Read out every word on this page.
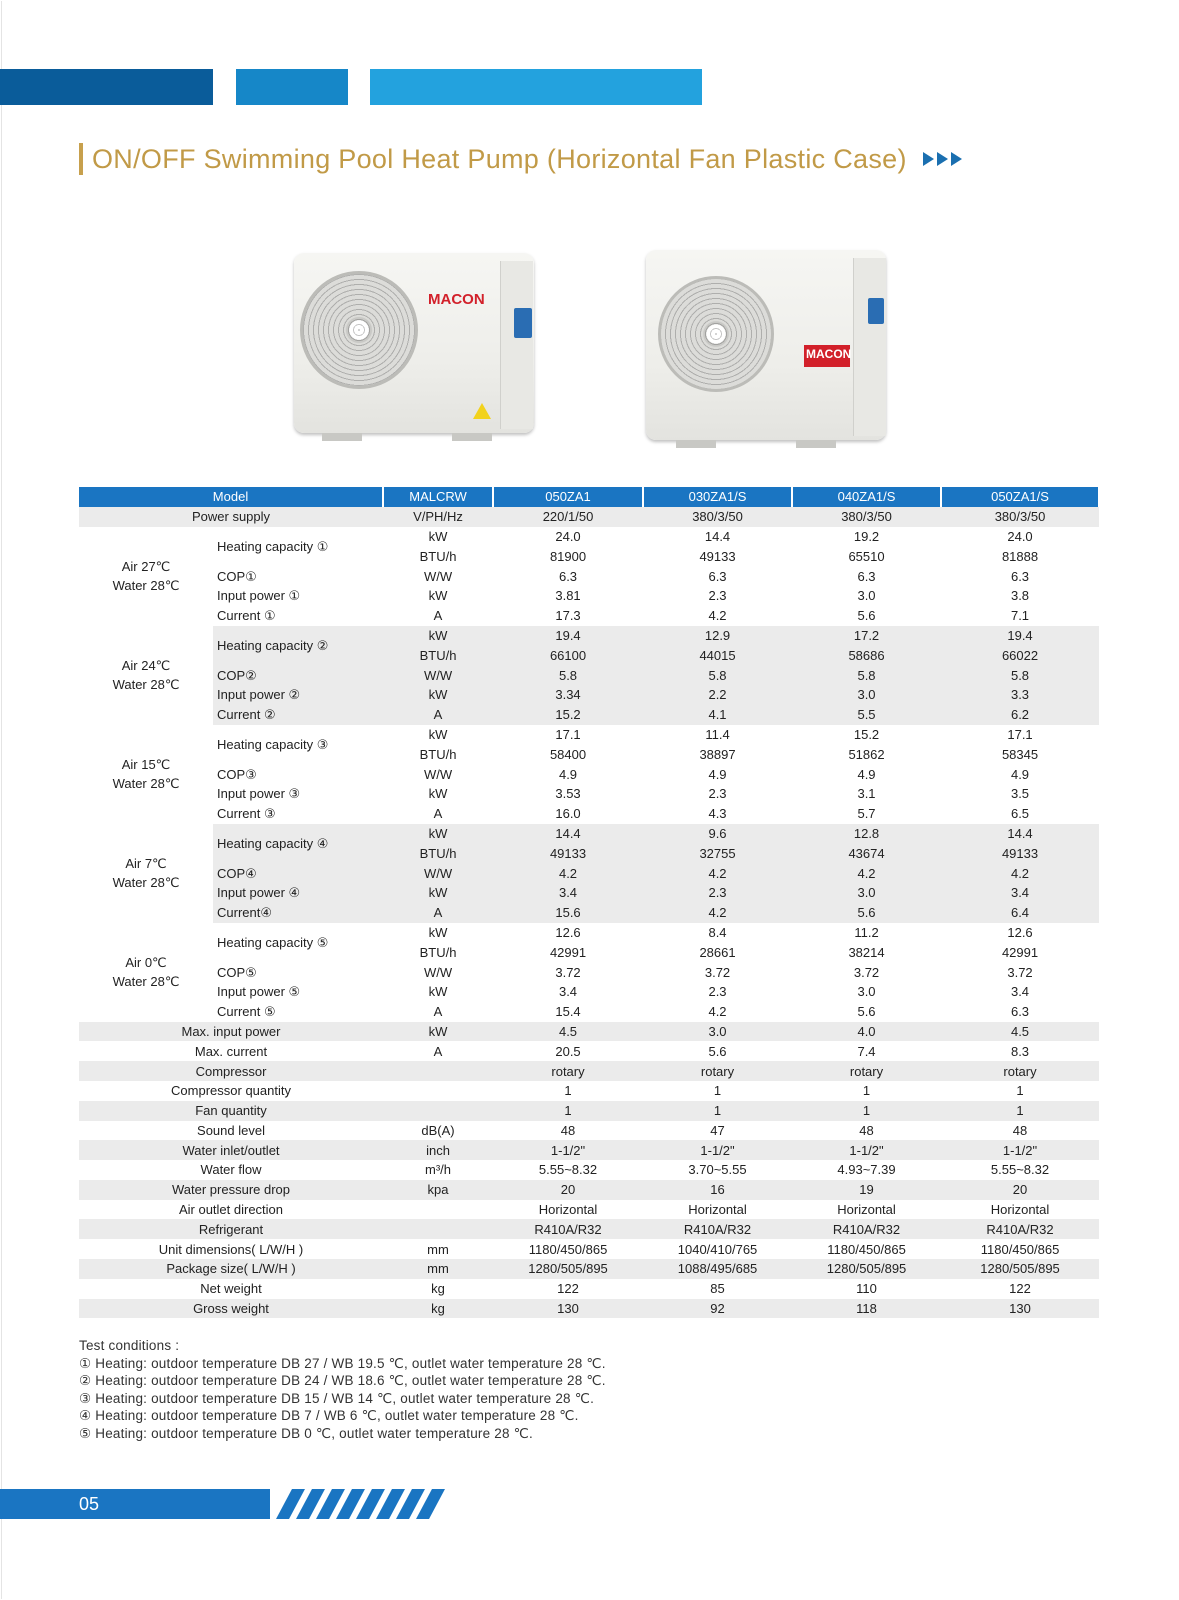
ON/OFF Swimming Pool Heat Pump (Horizontal Fan Plastic Case)
MACON
MACON
Model		MALCRW	050ZA1	030ZA1/S	040ZA1/S	050ZA1/S
Power supply		V/PH/Hz	220/1/50	380/3/50	380/3/50	380/3/50

Air 27℃
Water 28℃	Heating capacity ①	kW	24.0	14.4	19.2	24.0
		BTU/h	81900	49133	65510	81888
	COP①	W/W	6.3	6.3	6.3	6.3
	Input power ①	kW	3.81	2.3	3.0	3.8
	Current ①	A	17.3	4.2	5.6	7.1

Air 24℃
Water 28℃	Heating capacity ②	kW	19.4	12.9	17.2	19.4
		BTU/h	66100	44015	58686	66022
	COP②	W/W	5.8	5.8	5.8	5.8
	Input power ②	kW	3.34	2.2	3.0	3.3
	Current ②	A	15.2	4.1	5.5	6.2

Air 15℃
Water 28℃	Heating capacity ③	kW	17.1	11.4	15.2	17.1
		BTU/h	58400	38897	51862	58345
	COP③	W/W	4.9	4.9	4.9	4.9
	Input power ③	kW	3.53	2.3	3.1	3.5
	Current ③	A	16.0	4.3	5.7	6.5

Air 7℃
Water 28℃	Heating capacity ④	kW	14.4	9.6	12.8	14.4
		BTU/h	49133	32755	43674	49133
	COP④	W/W	4.2	4.2	4.2	4.2
	Input power ④	kW	3.4	2.3	3.0	3.4
	Current④	A	15.6	4.2	5.6	6.4

Air 0℃
Water 28℃	Heating capacity ⑤	kW	12.6	8.4	11.2	12.6
		BTU/h	42991	28661	38214	42991
	COP⑤	W/W	3.72	3.72	3.72	3.72
	Input power ⑤	kW	3.4	2.3	3.0	3.4
	Current ⑤	A	15.4	4.2	5.6	6.3
Max. input power		kW	4.5	3.0	4.0	4.5
Max. current		A	20.5	5.6	7.4	8.3
Compressor			rotary	rotary	rotary	rotary
Compressor quantity			1	1	1	1
Fan quantity			1	1	1	1
Sound level		dB(A)	48	47	48	48
Water inlet/outlet		inch	1-1/2"	1-1/2"	1-1/2"	1-1/2"
Water flow		m³/h	5.55~8.32	3.70~5.55	4.93~7.39	5.55~8.32
Water pressure drop		kpa	20	16	19	20
Air outlet direction			Horizontal	Horizontal	Horizontal	Horizontal
Refrigerant			R410A/R32	R410A/R32	R410A/R32	R410A/R32
Unit dimensions( L/W/H )		mm	1180/450/865	1040/410/765	1180/450/865	1180/450/865
Package size( L/W/H )		mm	1280/505/895	1088/495/685	1280/505/895	1280/505/895
Net weight		kg	122	85	110	122
Gross weight		kg	130	92	118	130
Test conditions :
① Heating: outdoor temperature DB 27 / WB 19.5 ℃, outlet water temperature 28 ℃.
② Heating: outdoor temperature DB 24 / WB 18.6 ℃, outlet water temperature 28 ℃.
③ Heating: outdoor temperature DB 15 / WB 14 ℃, outlet water temperature 28 ℃.
④ Heating: outdoor temperature DB 7 / WB 6 ℃, outlet water temperature 28 ℃.
⑤ Heating: outdoor temperature DB 0 ℃, outlet water temperature 28 ℃.
05
